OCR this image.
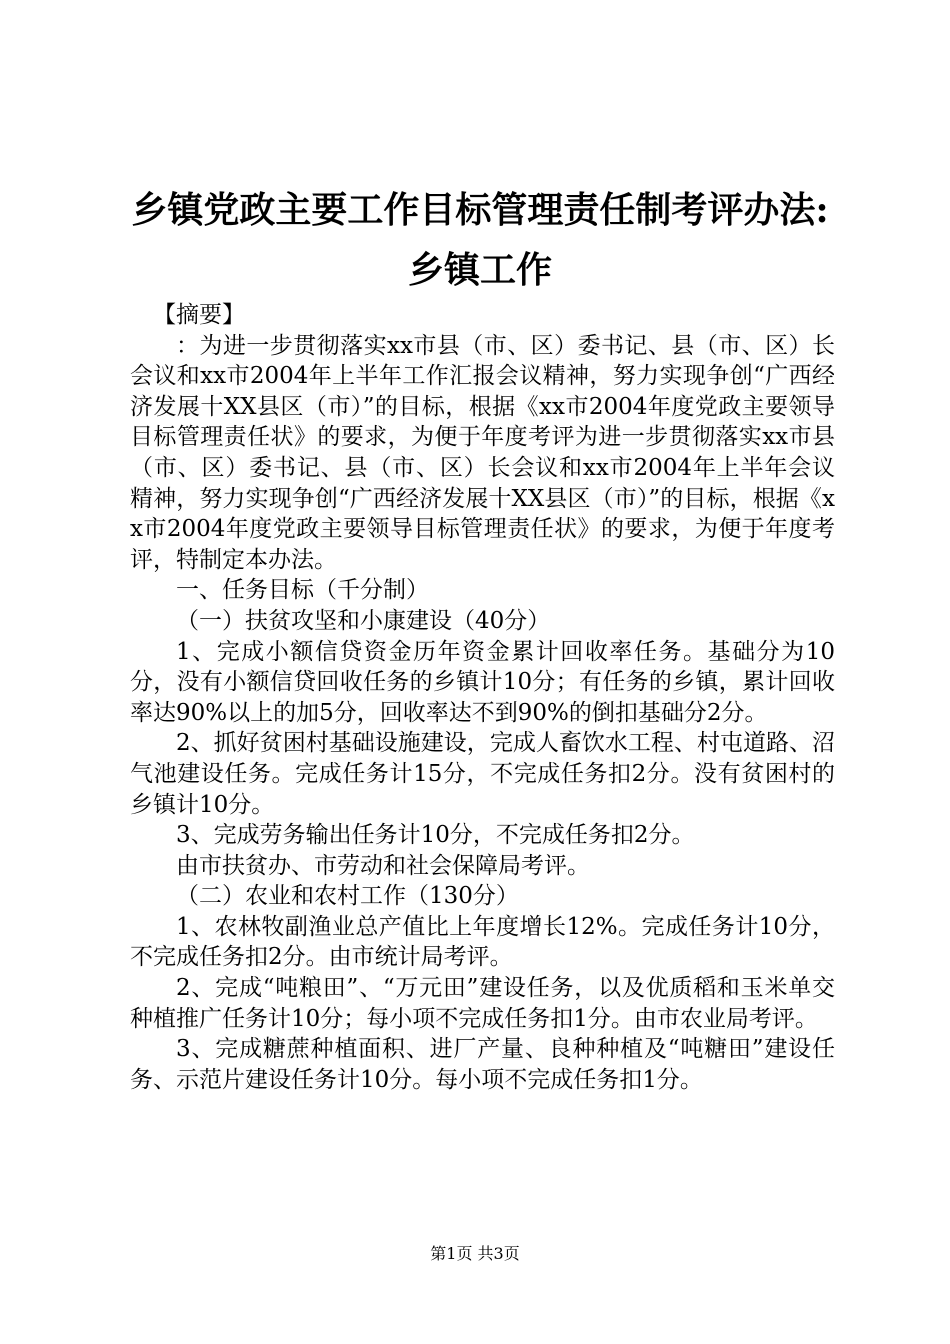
乡镇党政主要工作目标管理责任制考评办法:
乡镇工作

【摘要】

：为进一步贯彻落实xx市县（市、区）委书记、县（市、区）长会议和xx市2004年上半年工作汇报会议精神，努力实现争创“广西经济发展十XX县区（市）”的目标，根据《xx市2004年度党政主要领导目标管理责任状》的要求，为便于年度考评为进一步贯彻落实xx市县（市、区）委书记、县（市、区）长会议和xx市2004年上半年会议精神，努力实现争创“广西经济发展十XX县区（市）”的目标，根据《xx市2004年度党政主要领导目标管理责任状》的要求，为便于年度考评，特制定本办法。

一、任务目标（千分制）

（一）扶贫攻坚和小康建设（40分）

1、完成小额信贷资金历年资金累计回收率任务。基础分为10分，没有小额信贷回收任务的乡镇计10分；有任务的乡镇，累计回收率达90%以上的加5分，回收率达不到90%的倒扣基础分2分。

2、抓好贫困村基础设施建设，完成人畜饮水工程、村屯道路、沼气池建设任务。完成任务计15分，不完成任务扣2分。没有贫困村的乡镇计10分。

3、完成劳务输出任务计10分，不完成任务扣2分。

由市扶贫办、市劳动和社会保障局考评。

（二）农业和农村工作（130分）

1、农林牧副渔业总产值比上年度增长12%。完成任务计10分，不完成任务扣2分。由市统计局考评。

2、完成“吨粮田”、“万元田”建设任务，以及优质稻和玉米单交种植推广任务计10分；每小项不完成任务扣1分。由市农业局考评。

3、完成糖蔗种植面积、进厂产量、良种种植及“吨糖田”建设任务、示范片建设任务计10分。每小项不完成任务扣1分。

第1页 共3页
